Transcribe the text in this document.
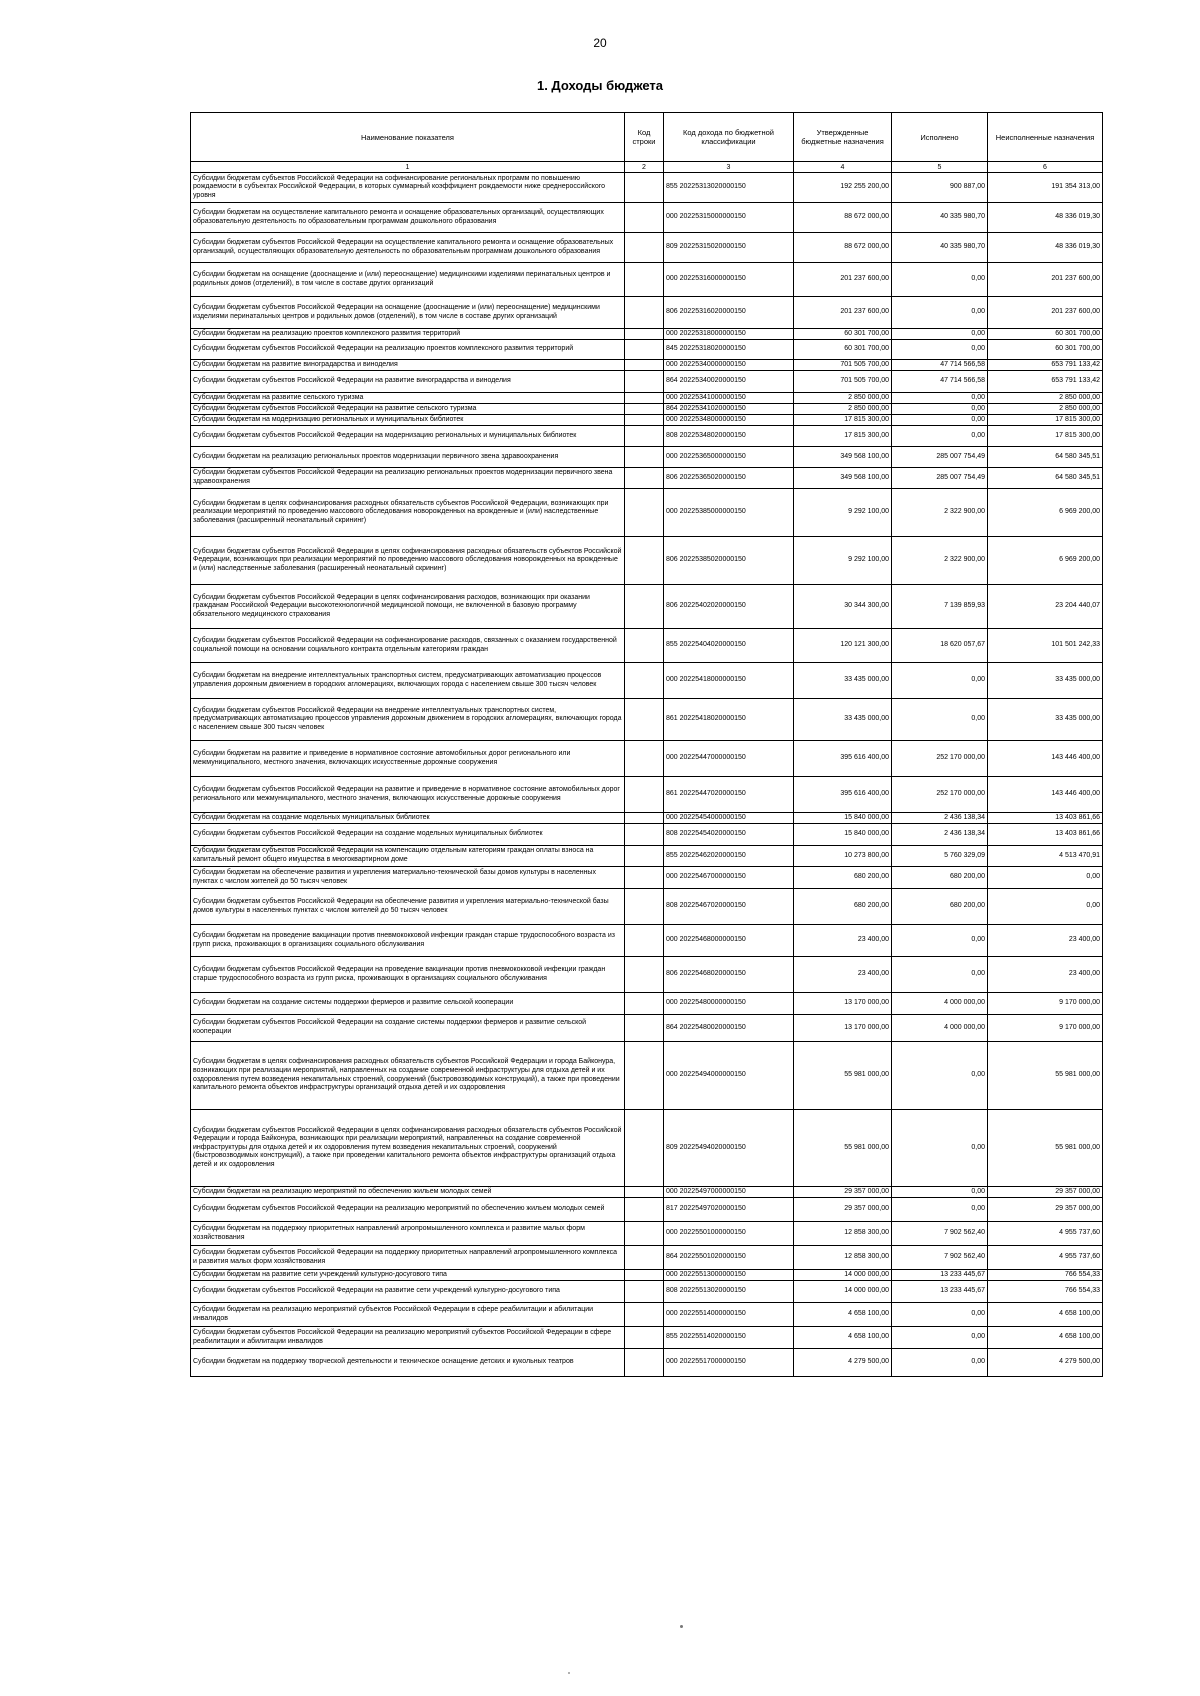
20
1. Доходы бюджета
Наименование показателя	Код строки	Код дохода по бюджетной классификации	Утвержденные бюджетные назначения	Исполнено	Неисполненные назначения
1	2	3	4	5	6
Субсидии бюджетам субъектов Российской Федерации на софинансирование региональных программ по повышению рождаемости в субъектах Российской Федерации, в которых суммарный коэффициент рождаемости ниже среднероссийского уровня		855 20225313020000150	192 255 200,00	900 887,00	191 354 313,00
Субсидии бюджетам на осуществление капитального ремонта и оснащение образовательных организаций, осуществляющих образовательную деятельность по образовательным программам дошкольного образования		000 20225315000000150	88 672 000,00	40 335 980,70	48 336 019,30
Субсидии бюджетам субъектов Российской Федерации на осуществление капитального ремонта и оснащение образовательных организаций, осуществляющих образовательную деятельность по образовательным программам дошкольного образования		809 20225315020000150	88 672 000,00	40 335 980,70	48 336 019,30
Субсидии бюджетам на оснащение (дооснащение и (или) переоснащение) медицинскими изделиями перинатальных центров и родильных домов (отделений), в том числе в составе других организаций		000 20225316000000150	201 237 600,00	0,00	201 237 600,00
Субсидии бюджетам субъектов Российской Федерации на оснащение (дооснащение и (или) переоснащение) медицинскими изделиями перинатальных центров и родильных домов (отделений), в том числе в составе других организаций		806 20225316020000150	201 237 600,00	0,00	201 237 600,00
Субсидии бюджетам на реализацию проектов комплексного развития территорий		000 20225318000000150	60 301 700,00	0,00	60 301 700,00
Субсидии бюджетам субъектов Российской Федерации на реализацию проектов комплексного развития территорий		845 20225318020000150	60 301 700,00	0,00	60 301 700,00
Субсидии бюджетам на развитие виноградарства и виноделия		000 20225340000000150	701 505 700,00	47 714 566,58	653 791 133,42
Субсидии бюджетам субъектов Российской Федерации на развитие виноградарства и виноделия		864 20225340020000150	701 505 700,00	47 714 566,58	653 791 133,42
Субсидии бюджетам на развитие сельского туризма		000 20225341000000150	2 850 000,00	0,00	2 850 000,00
Субсидии бюджетам субъектов Российской Федерации на развитие сельского туризма		864 20225341020000150	2 850 000,00	0,00	2 850 000,00
Субсидии бюджетам на модернизацию региональных и муниципальных библиотек		000 20225348000000150	17 815 300,00	0,00	17 815 300,00
Субсидии бюджетам субъектов Российской Федерации на модернизацию региональных и муниципальных библиотек		808 20225348020000150	17 815 300,00	0,00	17 815 300,00
Субсидии бюджетам на реализацию региональных проектов модернизации первичного звена здравоохранения		000 20225365000000150	349 568 100,00	285 007 754,49	64 580 345,51
Субсидии бюджетам субъектов Российской Федерации на реализацию региональных проектов модернизации первичного звена здравоохранения		806 20225365020000150	349 568 100,00	285 007 754,49	64 580 345,51
Субсидии бюджетам в целях софинансирования расходных обязательств субъектов Российской Федерации, возникающих при реализации мероприятий по проведению массового обследования новорожденных на врожденные и (или) наследственные заболевания (расширенный неонатальный скрининг)		000 20225385000000150	9 292 100,00	2 322 900,00	6 969 200,00
Субсидии бюджетам субъектов Российской Федерации в целях софинансирования расходных обязательств субъектов Российской Федерации, возникающих при реализации мероприятий по проведению массового обследования новорожденных на врожденные и (или) наследственные заболевания (расширенный неонатальный скрининг)		806 20225385020000150	9 292 100,00	2 322 900,00	6 969 200,00
Субсидии бюджетам субъектов Российской Федерации в целях софинансирования расходов, возникающих при оказании гражданам Российской Федерации высокотехнологичной медицинской помощи, не включенной в базовую программу обязательного медицинского страхования		806 20225402020000150	30 344 300,00	7 139 859,93	23 204 440,07
Субсидии бюджетам субъектов Российской Федерации на софинансирование расходов, связанных с оказанием государственной социальной помощи на основании социального контракта отдельным категориям граждан		855 20225404020000150	120 121 300,00	18 620 057,67	101 501 242,33
Субсидии бюджетам на внедрение интеллектуальных транспортных систем, предусматривающих автоматизацию процессов управления дорожным движением в городских агломерациях, включающих города с населением свыше 300 тысяч человек		000 20225418000000150	33 435 000,00	0,00	33 435 000,00
Субсидии бюджетам субъектов Российской Федерации на внедрение интеллектуальных транспортных систем, предусматривающих автоматизацию процессов управления дорожным движением в городских агломерациях, включающих города с населением свыше 300 тысяч человек		861 20225418020000150	33 435 000,00	0,00	33 435 000,00
Субсидии бюджетам на развитие и приведение в нормативное состояние автомобильных дорог регионального или межмуниципального, местного значения, включающих искусственные дорожные сооружения		000 20225447000000150	395 616 400,00	252 170 000,00	143 446 400,00
Субсидии бюджетам субъектов Российской Федерации на развитие и приведение в нормативное состояние автомобильных дорог регионального или межмуниципального, местного значения, включающих искусственные дорожные сооружения		861 20225447020000150	395 616 400,00	252 170 000,00	143 446 400,00
Субсидии бюджетам на создание модельных муниципальных библиотек		000 20225454000000150	15 840 000,00	2 436 138,34	13 403 861,66
Субсидии бюджетам субъектов Российской Федерации на создание модельных муниципальных библиотек		808 20225454020000150	15 840 000,00	2 436 138,34	13 403 861,66
Субсидии бюджетам субъектов Российской Федерации на компенсацию отдельным категориям граждан оплаты взноса на капитальный ремонт общего имущества в многоквартирном доме		855 20225462020000150	10 273 800,00	5 760 329,09	4 513 470,91
Субсидии бюджетам на обеспечение развития и укрепления материально-технической базы домов культуры в населенных пунктах с числом жителей до 50 тысяч человек		000 20225467000000150	680 200,00	680 200,00	0,00
Субсидии бюджетам субъектов Российской Федерации на обеспечение развития и укрепления материально-технической базы домов культуры в населенных пунктах с числом жителей до 50 тысяч человек		808 20225467020000150	680 200,00	680 200,00	0,00
Субсидии бюджетам на проведение вакцинации против пневмококковой инфекции граждан старше трудоспособного возраста из групп риска, проживающих в организациях социального обслуживания		000 20225468000000150	23 400,00	0,00	23 400,00
Субсидии бюджетам субъектов Российской Федерации на проведение вакцинации против пневмококковой инфекции граждан старше трудоспособного возраста из групп риска, проживающих в организациях социального обслуживания		806 20225468020000150	23 400,00	0,00	23 400,00
Субсидии бюджетам на создание системы поддержки фермеров и развитие сельской кооперации		000 20225480000000150	13 170 000,00	4 000 000,00	9 170 000,00
Субсидии бюджетам субъектов Российской Федерации на создание системы поддержки фермеров и развитие сельской кооперации		864 20225480020000150	13 170 000,00	4 000 000,00	9 170 000,00
Субсидии бюджетам в целях софинансирования расходных обязательств субъектов Российской Федерации и города Байконура, возникающих при реализации мероприятий, направленных на создание современной инфраструктуры для отдыха детей и их оздоровления путем возведения некапитальных строений, сооружений (быстровозводимых конструкций), а также при проведении капитального ремонта объектов инфраструктуры организаций отдыха детей и их оздоровления		000 20225494000000150	55 981 000,00	0,00	55 981 000,00
Субсидии бюджетам субъектов Российской Федерации в целях софинансирования расходных обязательств субъектов Российской Федерации и города Байконура, возникающих при реализации мероприятий, направленных на создание современной инфраструктуры для отдыха детей и их оздоровления путем возведения некапитальных строений, сооружений (быстровозводимых конструкций), а также при проведении капитального ремонта объектов инфраструктуры организаций отдыха детей и их оздоровления		809 20225494020000150	55 981 000,00	0,00	55 981 000,00
Субсидии бюджетам на реализацию мероприятий по обеспечению жильем молодых семей		000 20225497000000150	29 357 000,00	0,00	29 357 000,00
Субсидии бюджетам субъектов Российской Федерации на реализацию мероприятий по обеспечению жильем молодых семей		817 20225497020000150	29 357 000,00	0,00	29 357 000,00
Субсидии бюджетам на поддержку приоритетных направлений агропромышленного комплекса и развитие малых форм хозяйствования		000 20225501000000150	12 858 300,00	7 902 562,40	4 955 737,60
Субсидии бюджетам субъектов Российской Федерации на поддержку приоритетных направлений агропромышленного комплекса и развития малых форм хозяйствования		864 20225501020000150	12 858 300,00	7 902 562,40	4 955 737,60
Субсидии бюджетам на развитие сети учреждений культурно-досугового типа		000 20225513000000150	14 000 000,00	13 233 445,67	766 554,33
Субсидии бюджетам субъектов Российской Федерации на развитие сети учреждений культурно-досугового типа		808 20225513020000150	14 000 000,00	13 233 445,67	766 554,33
Субсидии бюджетам на реализацию мероприятий субъектов Российской Федерации в сфере реабилитации и абилитации инвалидов		000 20225514000000150	4 658 100,00	0,00	4 658 100,00
Субсидии бюджетам субъектов Российской Федерации на реализацию мероприятий субъектов Российской Федерации в сфере реабилитации и абилитации инвалидов		855 20225514020000150	4 658 100,00	0,00	4 658 100,00
Субсидии бюджетам на поддержку творческой деятельности и техническое оснащение детских и кукольных театров		000 20225517000000150	4 279 500,00	0,00	4 279 500,00
